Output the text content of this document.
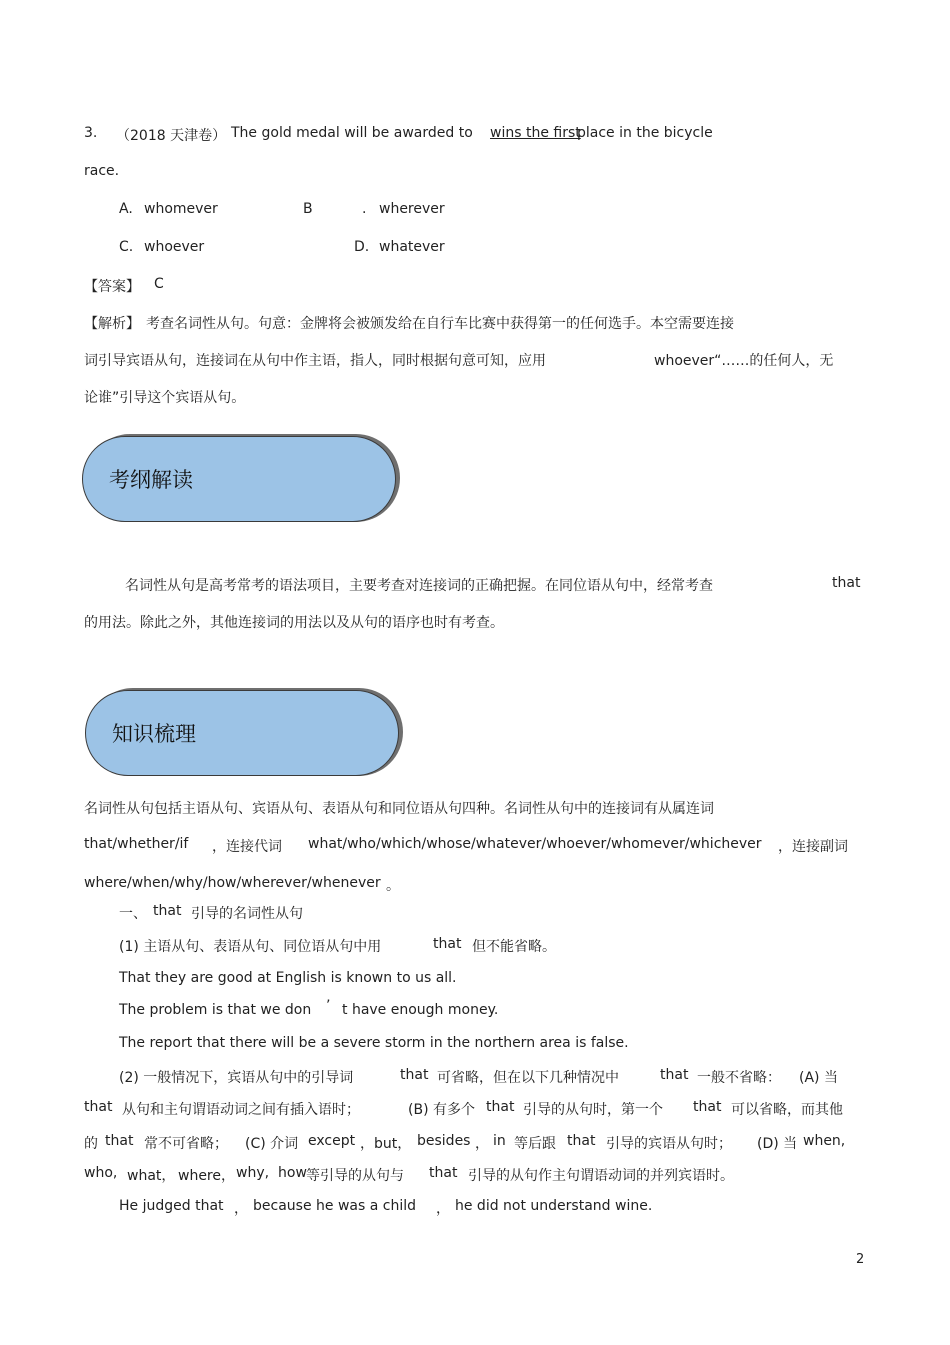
3. （2018 天津卷） The gold medal will be awarded to wins the first
place in the bicycle
race.
A. whomever	B	. wherever
C. whoever	D. whatever
【答案】 C
【解析】 考查名词性从句。句意：金牌将会被颁发给在自行车比赛中获得第一的任何选手。本空需要连接
词引导宾语从句，连接词在从句中作主语，指人，同时根据句意可知，应用	whoever“……的任何人，无
论谁”引导这个宾语从句。
考纲解读
名词性从句是高考常考的语法项目，主要考查对连接词的正确把握。在同位语从句中，经常考查	that
的用法。除此之外，其他连接词的用法以及从句的语序也时有考查。
知识梳理
名词性从句包括主语从句、宾语从句、表语从句和同位语从句四种。名词性从句中的连接词有从属连词
that/whether/if ，连接代词 what/who/which/whose/whatever/whoever/whomever/whichever ，连接副词
where/when/why/how/wherever/whenever 。
一、 that 引导的名词性从句
(1) 主语从句、表语从句、同位语从句中用	that 但不能省略。
That they are good at English is known to us all.
The problem is that we don ’ t have enough money.
The report that there will be a severe storm in the northern area is false.
(2) 一般情况下，宾语从句中的引导词	that 可省略，但在以下几种情况中	that 一般不省略： (A) 当
that 从句和主句谓语动词之间有插入语时；	(B) 有多个 that 引导的从句时，第一个 that 可以省略，而其他
的 that 常不可省略； (C) 介词 except ，but， besides ， in 等后跟 that 引导的宾语从句时； (D) 当 when,
who, what， where， why, how 等引导的从句与 that 引导的从句作主句谓语动词的并列宾语时。
He judged that ， because he was a child ， he did not understand wine.
2
